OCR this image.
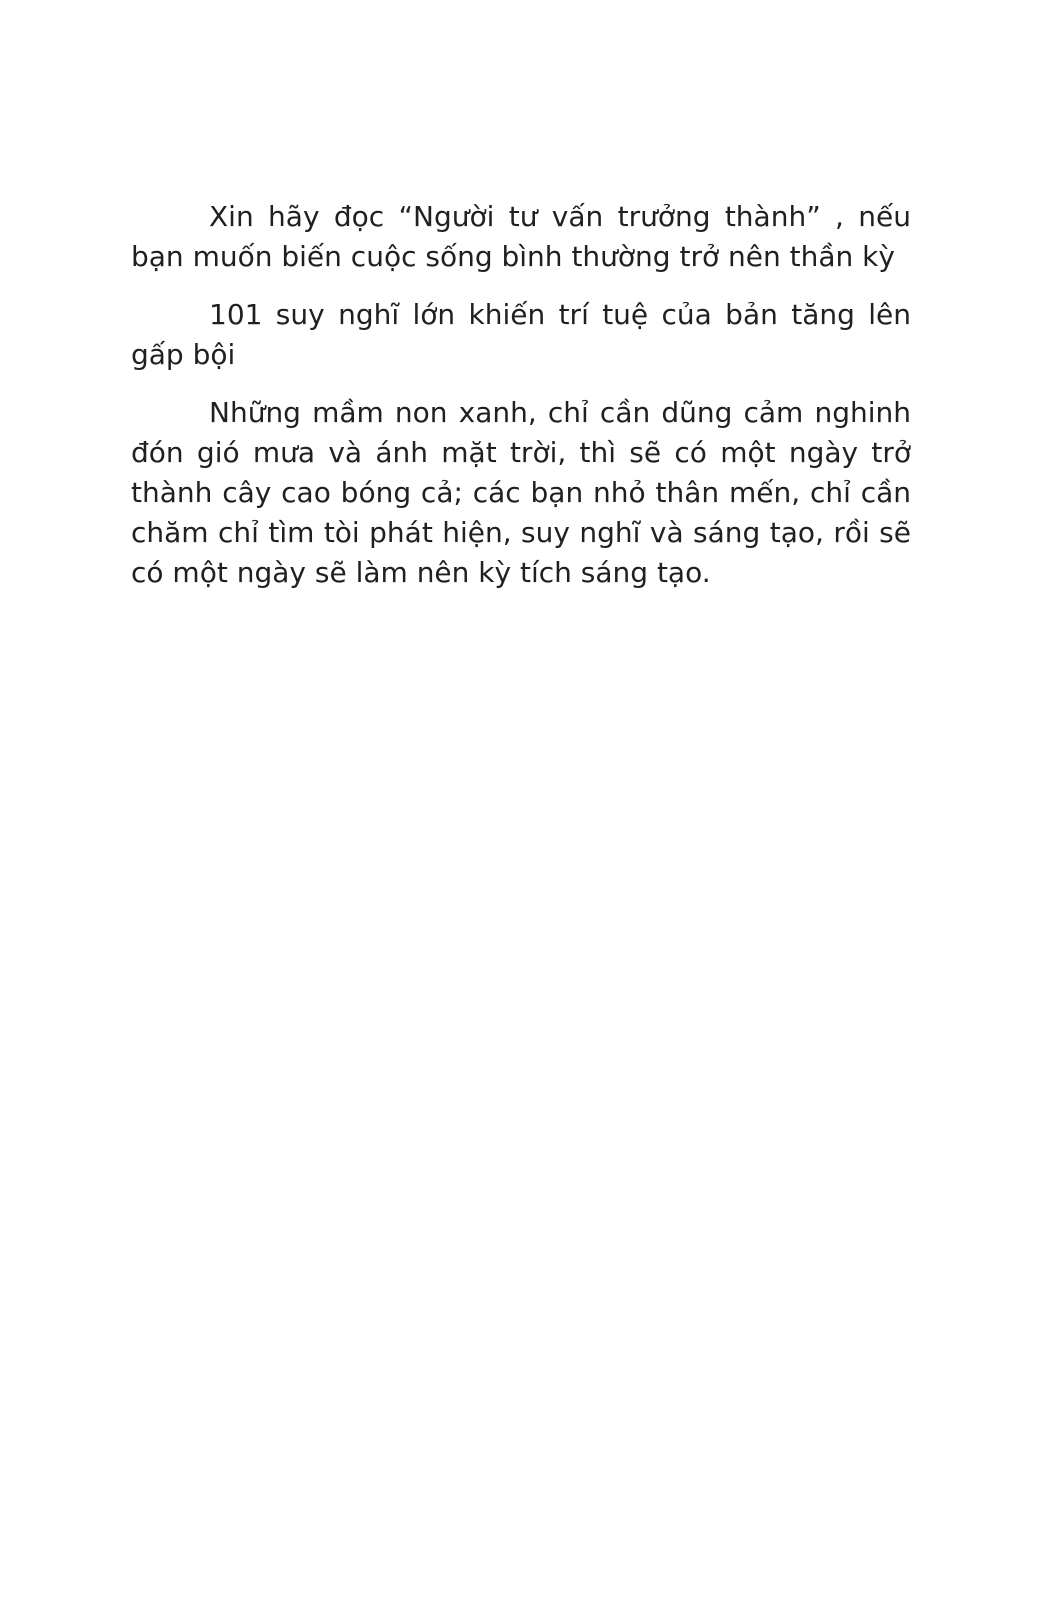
Xin hãy đọc “Người tư vấn trưởng thành” , nếu bạn muốn biến cuộc sống bình thường trở nên thần kỳ

101 suy nghĩ lớn khiến trí tuệ của bản tăng lên gấp bội

Những mầm non xanh, chỉ cần dũng cảm nghinh đón gió mưa và ánh mặt trời, thì sẽ có một ngày trở thành cây cao bóng cả; các bạn nhỏ thân mến, chỉ cần chăm chỉ tìm tòi phát hiện, suy nghĩ và sáng tạo, rồi sẽ có một ngày sẽ làm nên kỳ tích sáng tạo.
